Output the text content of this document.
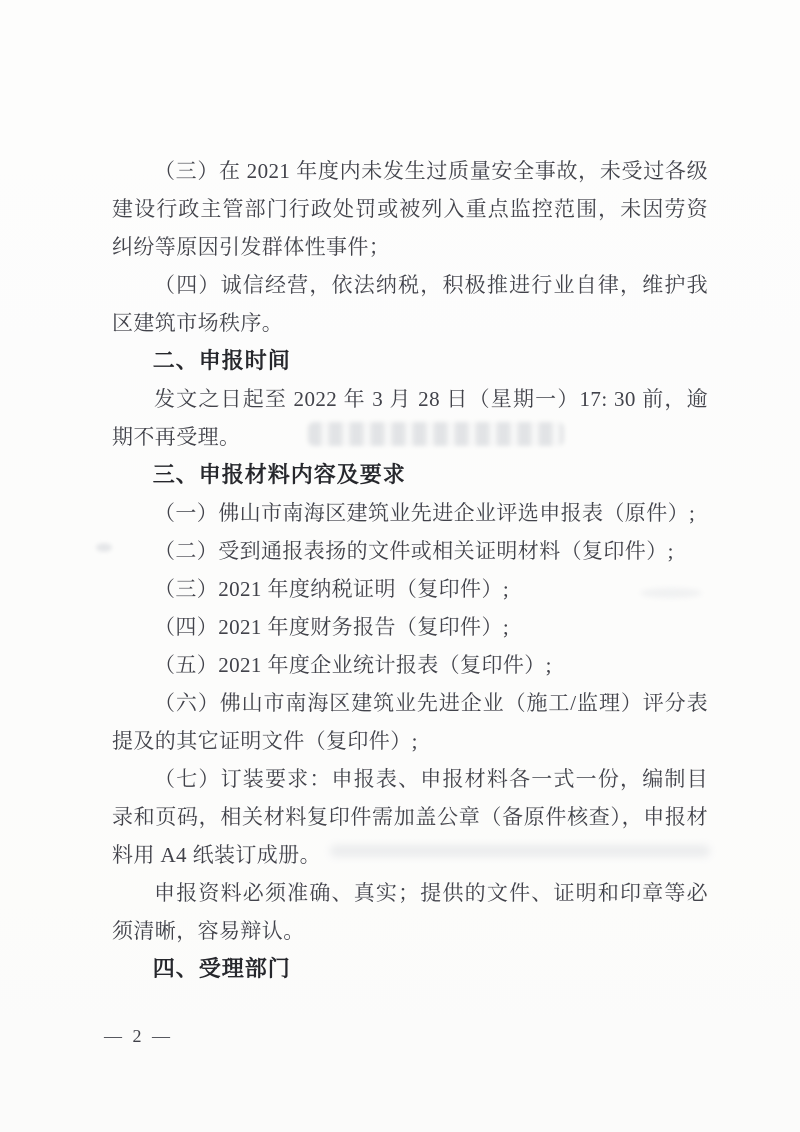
（三）在 2021 年度内未发生过质量安全事故，未受过各级建设行政主管部门行政处罚或被列入重点监控范围，未因劳资纠纷等原因引发群体性事件；

（四）诚信经营，依法纳税，积极推进行业自律，维护我区建筑市场秩序。

二、申报时间

发文之日起至 2022 年 3 月 28 日（星期一）17: 30 前，逾期不再受理。

三、申报材料内容及要求

（一）佛山市南海区建筑业先进企业评选申报表（原件）;

（二）受到通报表扬的文件或相关证明材料（复印件）;

（三）2021 年度纳税证明（复印件）;

（四）2021 年度财务报告（复印件）;

（五）2021 年度企业统计报表（复印件）;

（六）佛山市南海区建筑业先进企业（施工/监理）评分表提及的其它证明文件（复印件）;

（七）订装要求：申报表、申报材料各一式一份，编制目录和页码，相关材料复印件需加盖公章（备原件核查），申报材料用 A4 纸装订成册。

申报资料必须准确、真实；提供的文件、证明和印章等必须清晰，容易辩认。

四、受理部门

— 2 —
